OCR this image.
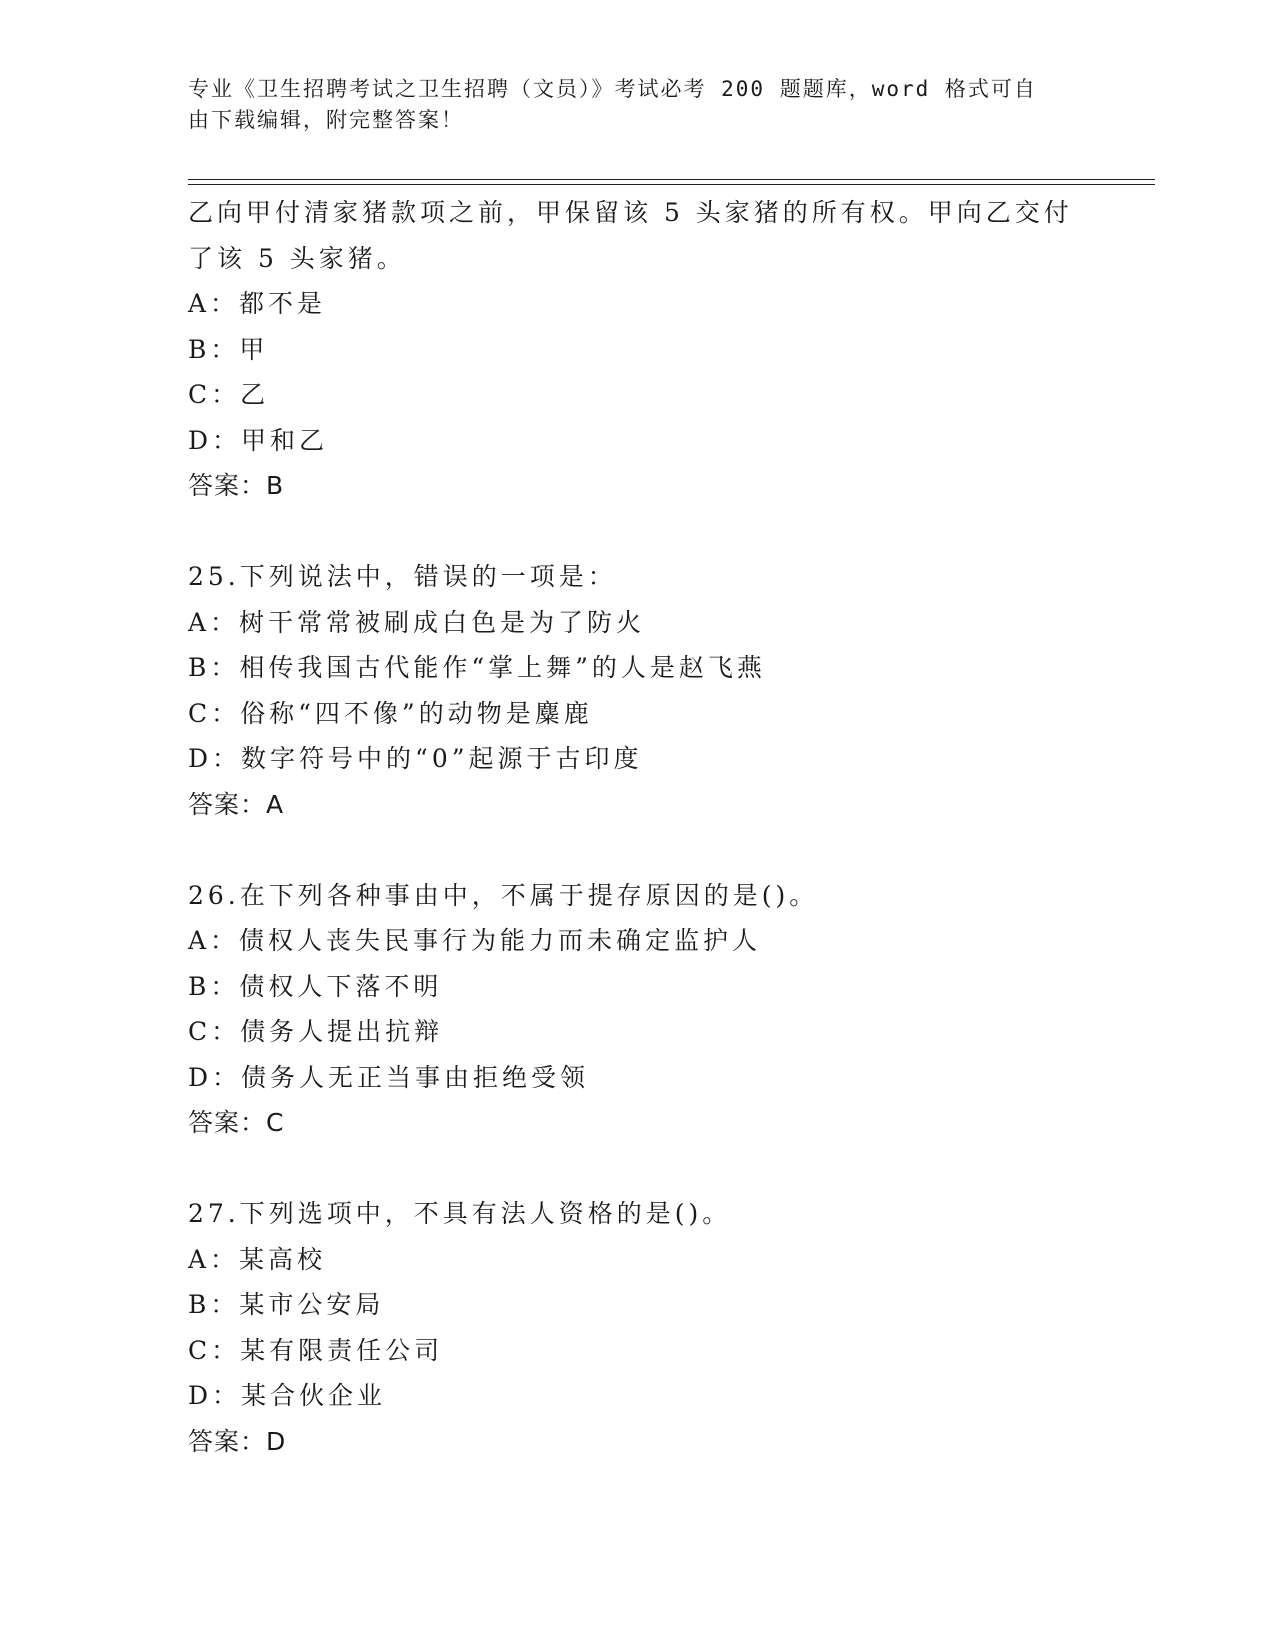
专业《卫生招聘考试之卫生招聘（文员）》考试必考 200 题题库，word 格式可自
由下载编辑，附完整答案！
乙向甲付清家猪款项之前，甲保留该 5 头家猪的所有权。甲向乙交付
了该 5 头家猪。
A：都不是
B：甲
C：乙
D：甲和乙
答案：B
25.下列说法中，错误的一项是：
A：树干常常被刷成白色是为了防火
B：相传我国古代能作“掌上舞”的人是赵飞燕
C：俗称“四不像”的动物是麋鹿
D：数字符号中的“0”起源于古印度
答案：A
26.在下列各种事由中，不属于提存原因的是()。
A：债权人丧失民事行为能力而未确定监护人
B：债权人下落不明
C：债务人提出抗辩
D：债务人无正当事由拒绝受领
答案：C
27.下列选项中，不具有法人资格的是()。
A：某高校
B：某市公安局
C：某有限责任公司
D：某合伙企业
答案：D
